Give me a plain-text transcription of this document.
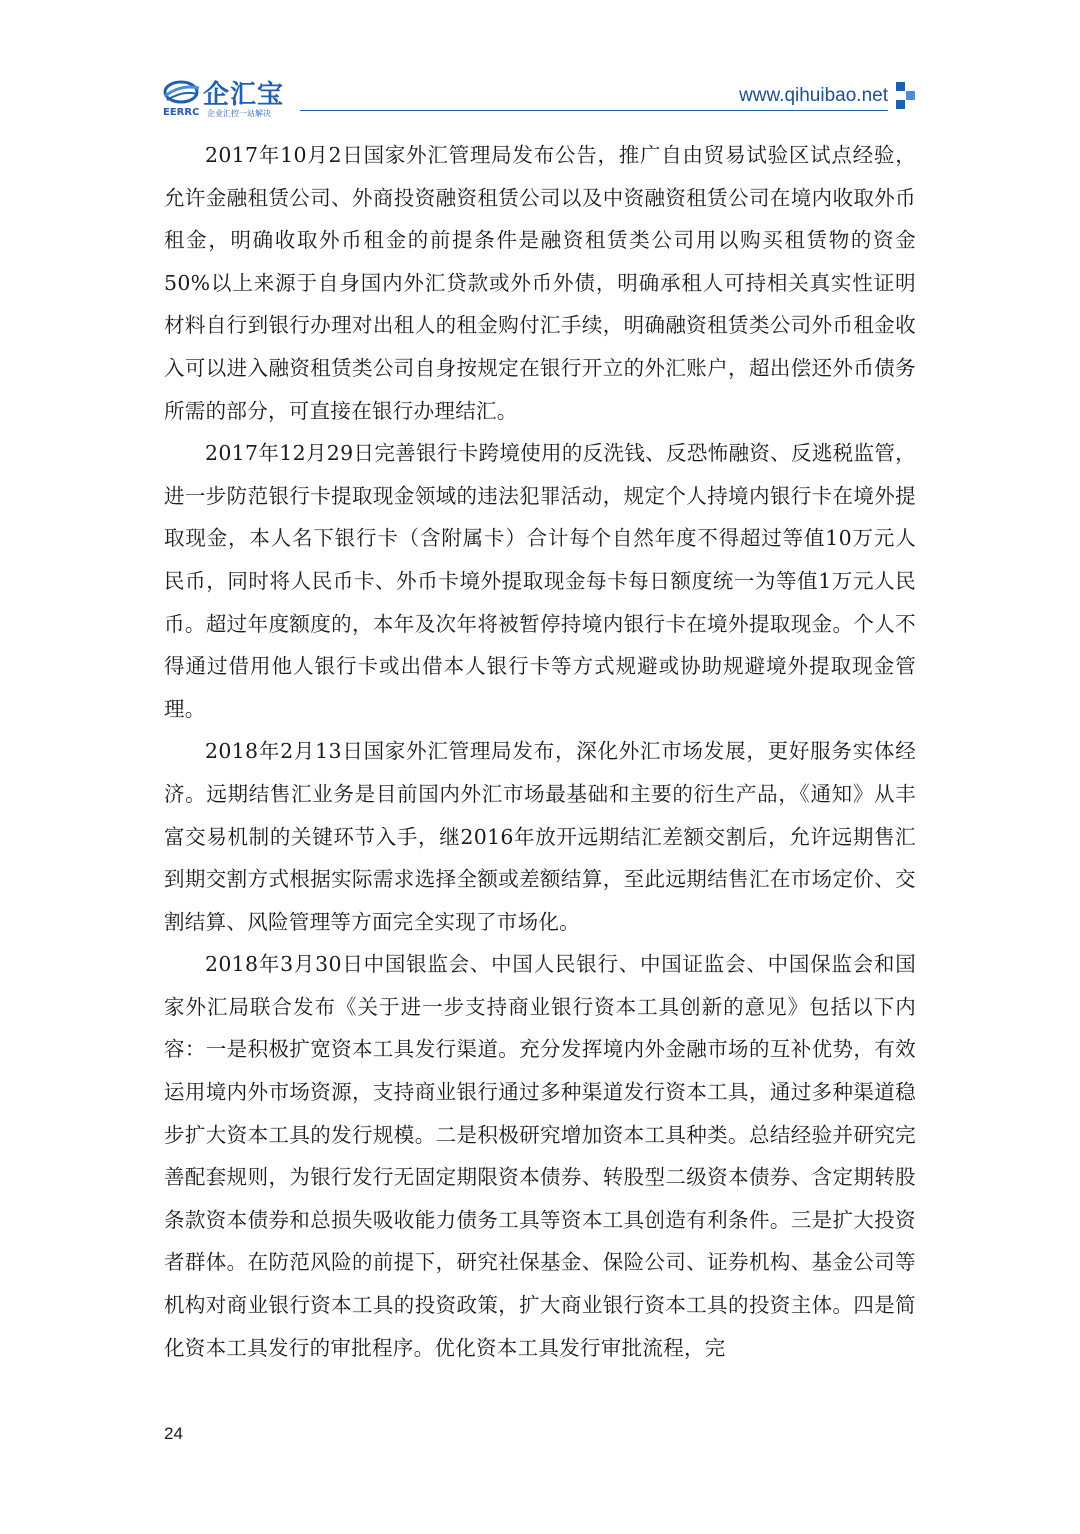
企汇宝
EERRC 企业汇控一站解决
www.qihuibao.net

2017年10月2日国家外汇管理局发布公告，推广自由贸易试验区试点经验，允许金融租赁公司、外商投资融资租赁公司以及中资融资租赁公司在境内收取外币租金，明确收取外币租金的前提条件是融资租赁类公司用以购买租赁物的资金50%以上来源于自身国内外汇贷款或外币外债，明确承租人可持相关真实性证明材料自行到银行办理对出租人的租金购付汇手续，明确融资租赁类公司外币租金收入可以进入融资租赁类公司自身按规定在银行开立的外汇账户，超出偿还外币债务所需的部分，可直接在银行办理结汇。

2017年12月29日完善银行卡跨境使用的反洗钱、反恐怖融资、反逃税监管，进一步防范银行卡提取现金领域的违法犯罪活动，规定个人持境内银行卡在境外提取现金，本人名下银行卡（含附属卡）合计每个自然年度不得超过等值10万元人民币，同时将人民币卡、外币卡境外提取现金每卡每日额度统一为等值1万元人民币。超过年度额度的，本年及次年将被暂停持境内银行卡在境外提取现金。个人不得通过借用他人银行卡或出借本人银行卡等方式规避或协助规避境外提取现金管理。

2018年2月13日国家外汇管理局发布，深化外汇市场发展，更好服务实体经济。远期结售汇业务是目前国内外汇市场最基础和主要的衍生产品，《通知》从丰富交易机制的关键环节入手，继2016年放开远期结汇差额交割后，允许远期售汇到期交割方式根据实际需求选择全额或差额结算，至此远期结售汇在市场定价、交割结算、风险管理等方面完全实现了市场化。

2018年3月30日中国银监会、中国人民银行、中国证监会、中国保监会和国家外汇局联合发布《关于进一步支持商业银行资本工具创新的意见》包括以下内容：一是积极扩宽资本工具发行渠道。充分发挥境内外金融市场的互补优势，有效运用境内外市场资源，支持商业银行通过多种渠道发行资本工具，通过多种渠道稳步扩大资本工具的发行规模。二是积极研究增加资本工具种类。总结经验并研究完善配套规则，为银行发行无固定期限资本债券、转股型二级资本债券、含定期转股条款资本债券和总损失吸收能力债务工具等资本工具创造有利条件。三是扩大投资者群体。在防范风险的前提下，研究社保基金、保险公司、证券机构、基金公司等机构对商业银行资本工具的投资政策，扩大商业银行资本工具的投资主体。四是简化资本工具发行的审批程序。优化资本工具发行审批流程，完

24
